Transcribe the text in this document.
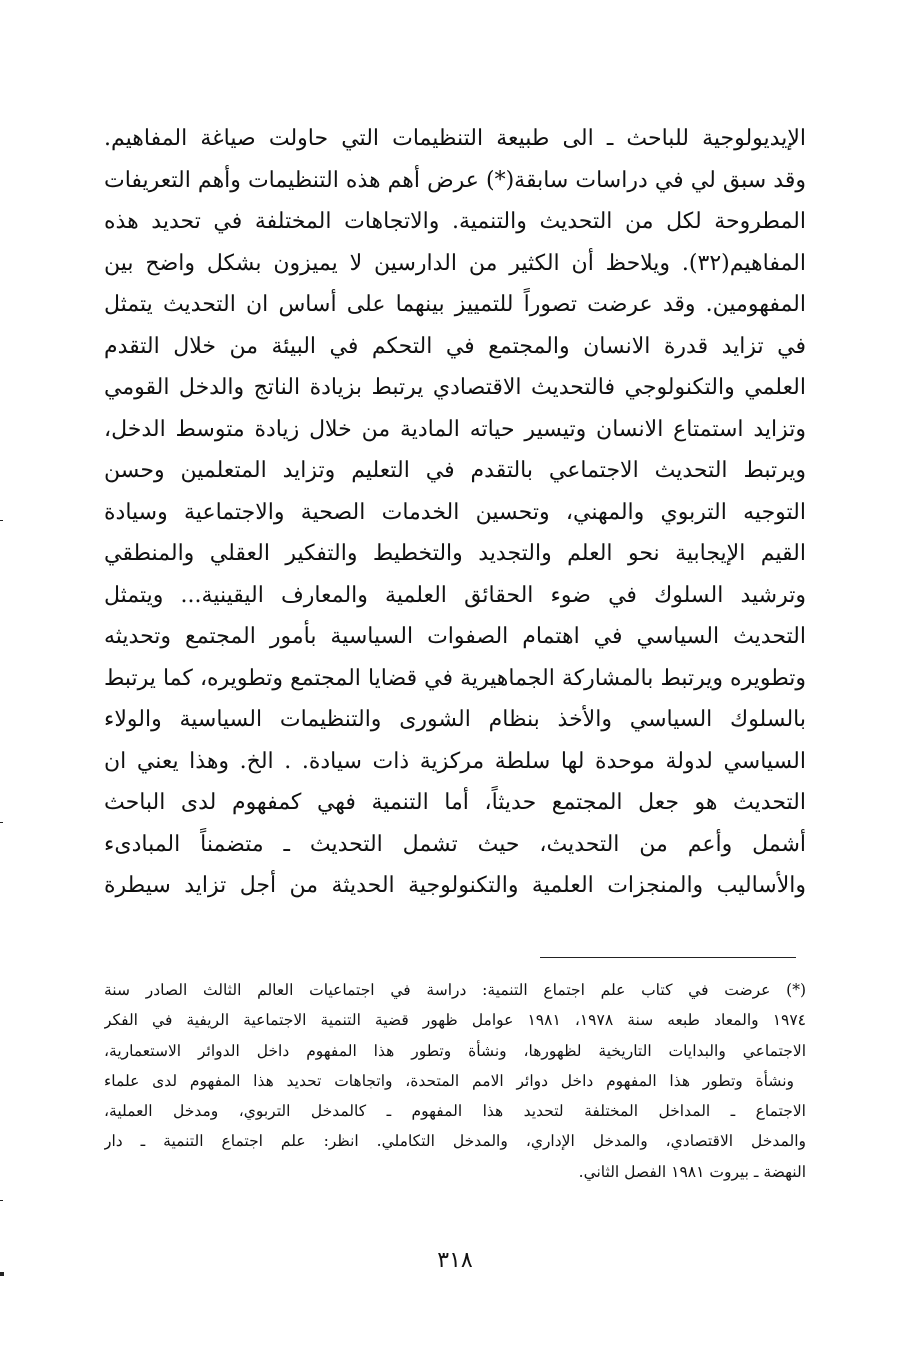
الإيديولوجية للباحث ـ الى طبيعة التنظيمات التي حاولت صياغة المفاهيم.
وقد سبق لي في دراسات سابقة(*) عرض أهم هذه التنظيمات وأهم التعريفات
المطروحة لكل من التحديث والتنمية. والاتجاهات المختلفة في تحديد هذه
المفاهيم(٣٢). ويلاحظ أن الكثير من الدارسين لا يميزون بشكل واضح بين
المفهومين. وقد عرضت تصوراً للتمييز بينهما على أساس ان التحديث يتمثل
في تزايد قدرة الانسان والمجتمع في التحكم في البيئة من خلال التقدم
العلمي والتكنولوجي فالتحديث الاقتصادي يرتبط بزيادة الناتج والدخل القومي
وتزايد استمتاع الانسان وتيسير حياته المادية من خلال زيادة متوسط الدخل،
ويرتبط التحديث الاجتماعي بالتقدم في التعليم وتزايد المتعلمين وحسن
التوجيه التربوي والمهني، وتحسين الخدمات الصحية والاجتماعية وسيادة
القيم الإيجابية نحو العلم والتجديد والتخطيط والتفكير العقلي والمنطقي
وترشيد السلوك في ضوء الحقائق العلمية والمعارف اليقينية... ويتمثل
التحديث السياسي في اهتمام الصفوات السياسية بأمور المجتمع وتحديثه
وتطويره ويرتبط بالمشاركة الجماهيرية في قضايا المجتمع وتطويره، كما يرتبط
بالسلوك السياسي والأخذ بنظام الشورى والتنظيمات السياسية والولاء
السياسي لدولة موحدة لها سلطة مركزية ذات سيادة. . الخ. وهذا يعني ان
التحديث هو جعل المجتمع حديثاً، أما التنمية فهي كمفهوم لدى الباحث
أشمل وأعم من التحديث، حيث تشمل التحديث ـ متضمناً المبادىء
والأساليب والمنجزات العلمية والتكنولوجية الحديثة من أجل تزايد سيطرة
(*) عرضت في كتاب علم اجتماع التنمية: دراسة في اجتماعيات العالم الثالث الصادر سنة
١٩٧٤ والمعاد طبعه سنة ١٩٧٨، ١٩٨١ عوامل ظهور قضية التنمية الاجتماعية الريفية في الفكر
الاجتماعي والبدايات التاريخية لظهورها، ونشأة وتطور هذا المفهوم داخل الدوائر الاستعمارية،
ونشأة وتطور هذا المفهوم داخل دوائر الامم المتحدة، واتجاهات تحديد هذا المفهوم لدى علماء
الاجتماع ـ المداخل المختلفة لتحديد هذا المفهوم ـ كالمدخل التربوي، ومدخل العملية،
والمدخل الاقتصادي، والمدخل الإداري، والمدخل التكاملي. انظر: علم اجتماع التنمية ـ دار
النهضة ـ بيروت ١٩٨١ الفصل الثاني.
٣١٨
